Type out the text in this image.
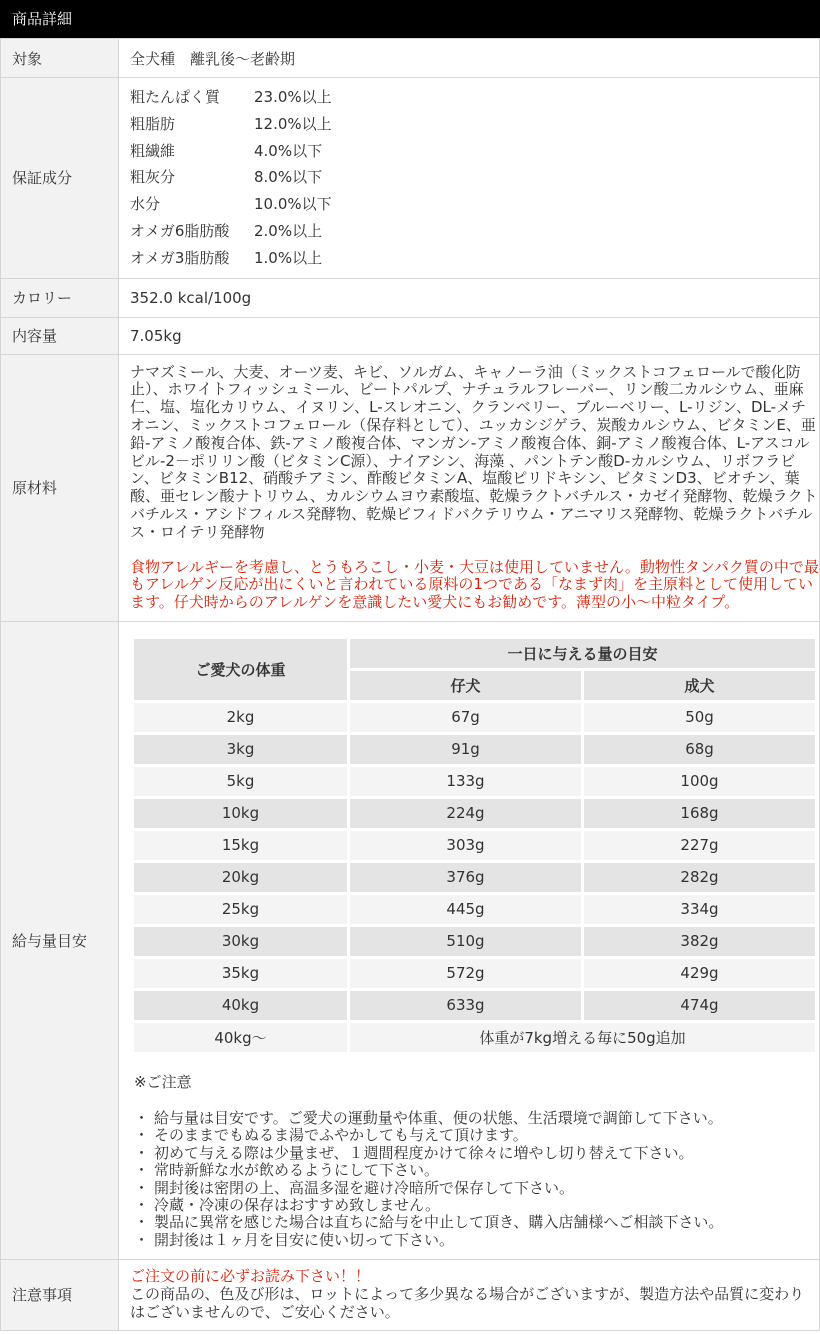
商品詳細
対象	全犬種　離乳後～老齢期
保証成分	
粗たんぱく質	23.0%以上
粗脂肪	12.0%以上
粗繊維	4.0%以下
粗灰分	8.0%以下
水分	10.0%以下
オメガ6脂肪酸	2.0%以上
オメガ3脂肪酸	1.0%以上

カロリー	352.0 kcal/100g
内容量	7.05kg
原材料	
ナマズミール、大麦、オーツ麦、キビ、ソルガム、キャノーラ油（ミックストコフェロールで酸化防止）、ホワイトフィッシュミール、ビートパルプ、ナチュラルフレーバー、リン酸二カルシウム、亜麻仁、塩、塩化カリウム、イヌリン、L-スレオニン、クランベリー、ブルーベリー、L-リジン、DL-メチオニン、ミックストコフェロール（保存料として）、ユッカシジゲラ、炭酸カルシウム、ビタミンE、亜鉛-アミノ酸複合体、鉄-アミノ酸複合体、マンガン-アミノ酸複合体、銅-アミノ酸複合体、L-アスコルビル-2－ポリリン酸（ビタミンC源）、ナイアシン、海藻 、パントテン酸D-カルシウム、リボフラビン、ビタミンB12、硝酸チアミン、酢酸ビタミンA、塩酸ピリドキシン、ビタミンD3、ビオチン、葉酸、亜セレン酸ナトリウム、カルシウムヨウ素酸塩、乾燥ラクトバチルス・カゼイ発酵物、乾燥ラクトバチルス・アシドフィルス発酵物、乾燥ビフィドバクテリウム・アニマリス発酵物、乾燥ラクトバチルス・ロイテリ発酵物
食物アレルギーを考慮し、とうもろこし・小麦・大豆は使用していません。動物性タンパク質の中で最もアレルゲン反応が出にくいと言われている原料の1つである「なまず肉」を主原料として使用しています。仔犬時からのアレルゲンを意識したい愛犬にもお勧めです。薄型の小～中粒タイプ。

給与量目安	
ご愛犬の体重	一日に与える量の目安
仔犬	成犬
2kg	67g	50g
3kg	91g	68g
5kg	133g	100g
10kg	224g	168g
15kg	303g	227g
20kg	376g	282g
25kg	445g	334g
30kg	510g	382g
35kg	572g	429g
40kg	633g	474g
40kg～	体重が7kg増える毎に50g追加
※ご注意
・ 給与量は目安です。ご愛犬の運動量や体重、便の状態、生活環境で調節して下さい。
・ そのままでもぬるま湯でふやかしても与えて頂けます。
・ 初めて与える際は少量まぜ、１週間程度かけて徐々に増やし切り替えて下さい。
・ 常時新鮮な水が飲めるようにして下さい。
・ 開封後は密閉の上、高温多湿を避け冷暗所で保存して下さい。
・ 冷蔵・冷凍の保存はおすすめ致しません。
・ 製品に異常を感じた場合は直ちに給与を中止して頂き、購入店舗様へご相談下さい。
・ 開封後は１ヶ月を目安に使い切って下さい。

注意事項	
ご注文の前に必ずお読み下さい！！
この商品の、色及び形は、ロットによって多少異なる場合がございますが、製造方法や品質に変わりはございませんので、ご安心ください。
